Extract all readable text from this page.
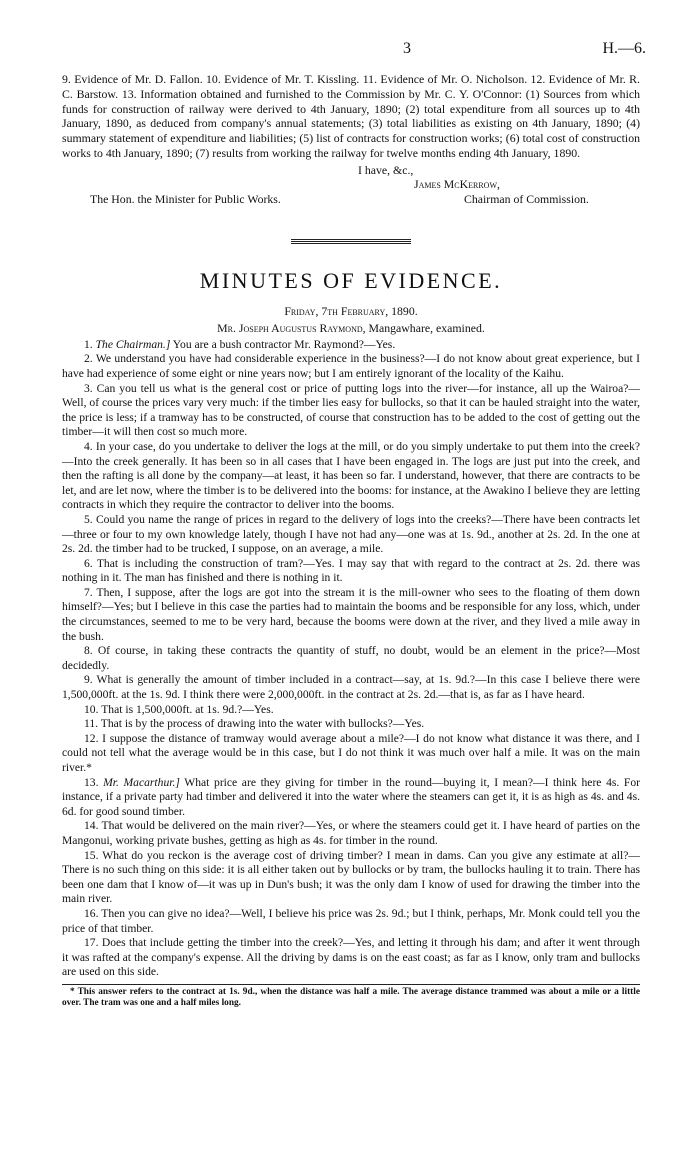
3	H.—6.
9. Evidence of Mr. D. Fallon. 10. Evidence of Mr. T. Kissling. 11. Evidence of Mr. O. Nicholson. 12. Evidence of Mr. R. C. Barstow. 13. Information obtained and furnished to the Commission by Mr. C. Y. O'Connor: (1) Sources from which funds for construction of railway were derived to 4th January, 1890; (2) total expenditure from all sources up to 4th January, 1890, as deduced from company's annual statements; (3) total liabilities as existing on 4th January, 1890; (4) summary statement of expenditure and liabilities; (5) list of contracts for construction works; (6) total cost of construction works to 4th January, 1890; (7) results from working the railway for twelve months ending 4th January, 1890.
I have, &c.,
James McKerrow,
The Hon. the Minister for Public Works.	Chairman of Commission.
MINUTES OF EVIDENCE.
Friday, 7th February, 1890.
Mr. Joseph Augustus Raymond, Mangawhare, examined.

1. The Chairman.] You are a bush contractor Mr. Raymond?—Yes.

2. We understand you have had considerable experience in the business?—I do not know about great experience, but I have had experience of some eight or nine years now; but I am entirely ignorant of the locality of the Kaihu.

3. Can you tell us what is the general cost or price of putting logs into the river—for instance, all up the Wairoa?—Well, of course the prices vary very much: if the timber lies easy for bullocks, so that it can be hauled straight into the water, the price is less; if a tramway has to be constructed, of course that construction has to be added to the cost of getting out the timber—it will then cost so much more.

4. In your case, do you undertake to deliver the logs at the mill, or do you simply undertake to put them into the creek?—Into the creek generally. It has been so in all cases that I have been engaged in. The logs are just put into the creek, and then the rafting is all done by the company—at least, it has been so far. I understand, however, that there are contracts to be let, and are let now, where the timber is to be delivered into the booms: for instance, at the Awakino I believe they are letting contracts in which they require the contractor to deliver into the booms.

5. Could you name the range of prices in regard to the delivery of logs into the creeks?—There have been contracts let—three or four to my own knowledge lately, though I have not had any—one was at 1s. 9d., another at 2s. 2d. In the one at 2s. 2d. the timber had to be trucked, I suppose, on an average, a mile.

6. That is including the construction of tram?—Yes. I may say that with regard to the contract at 2s. 2d. there was nothing in it. The man has finished and there is nothing in it.

7. Then, I suppose, after the logs are got into the stream it is the mill-owner who sees to the floating of them down himself?—Yes; but I believe in this case the parties had to maintain the booms and be responsible for any loss, which, under the circumstances, seemed to me to be very hard, because the booms were down at the river, and they lived a mile away in the bush.

8. Of course, in taking these contracts the quantity of stuff, no doubt, would be an element in the price?—Most decidedly.

9. What is generally the amount of timber included in a contract—say, at 1s. 9d.?—In this case I believe there were 1,500,000ft. at the 1s. 9d. I think there were 2,000,000ft. in the contract at 2s. 2d.—that is, as far as I have heard.

10. That is 1,500,000ft. at 1s. 9d.?—Yes.

11. That is by the process of drawing into the water with bullocks?—Yes.

12. I suppose the distance of tramway would average about a mile?—I do not know what distance it was there, and I could not tell what the average would be in this case, but I do not think it was much over half a mile. It was on the main river.*

13. Mr. Macarthur.] What price are they giving for timber in the round—buying it, I mean?—I think here 4s. For instance, if a private party had timber and delivered it into the water where the steamers can get it, it is as high as 4s. and 4s. 6d. for good sound timber.

14. That would be delivered on the main river?—Yes, or where the steamers could get it. I have heard of parties on the Mangonui, working private bushes, getting as high as 4s. for timber in the round.

15. What do you reckon is the average cost of driving timber? I mean in dams. Can you give any estimate at all?—There is no such thing on this side: it is all either taken out by bullocks or by tram, the bullocks hauling it to train. There has been one dam that I know of—it was up in Dun's bush; it was the only dam I know of used for drawing the timber into the main river.

16. Then you can give no idea?—Well, I believe his price was 2s. 9d.; but I think, perhaps, Mr. Monk could tell you the price of that timber.

17. Does that include getting the timber into the creek?—Yes, and letting it through his dam; and after it went through it was rafted at the company's expense. All the driving by dams is on the east coast; as far as I know, only tram and bullocks are used on this side.

* This answer refers to the contract at 1s. 9d., when the distance was half a mile. The average distance trammed was about a mile or a little over. The tram was one and a half miles long.
